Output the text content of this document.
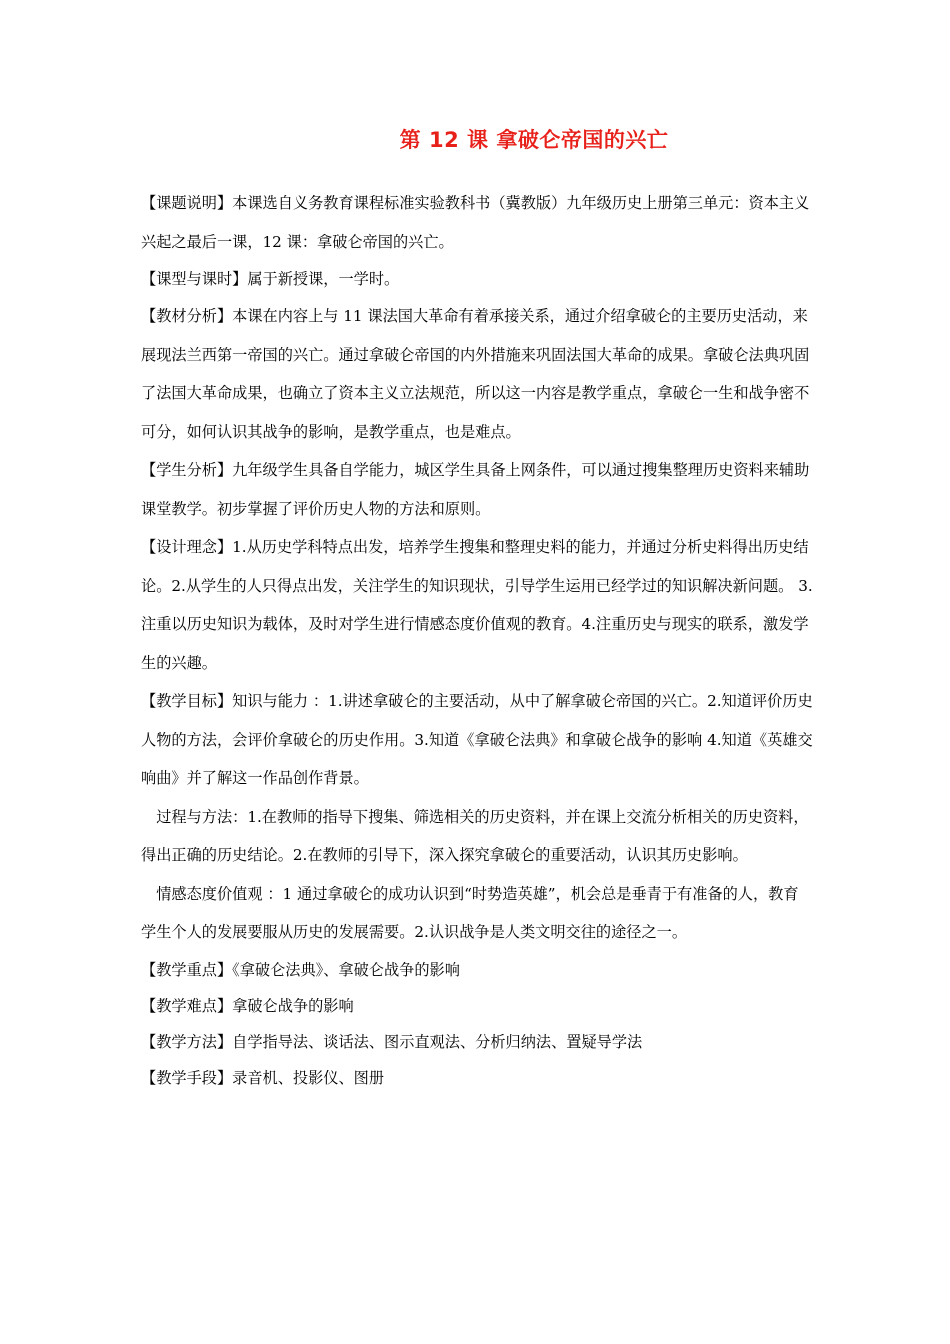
第 12 课 拿破仑帝国的兴亡

【课题说明】本课选自义务教育课程标准实验教科书（冀教版）九年级历史上册第三单元：资本主义兴起之最后一课，12 课：拿破仑帝国的兴亡。

【课型与课时】属于新授课，一学时。

【教材分析】本课在内容上与 11 课法国大革命有着承接关系，通过介绍拿破仑的主要历史活动，来展现法兰西第一帝国的兴亡。通过拿破仑帝国的内外措施来巩固法国大革命的成果。拿破仑法典巩固了法国大革命成果，也确立了资本主义立法规范，所以这一内容是教学重点，拿破仑一生和战争密不可分，如何认识其战争的影响，是教学重点，也是难点。

【学生分析】九年级学生具备自学能力，城区学生具备上网条件，可以通过搜集整理历史资料来辅助课堂教学。初步掌握了评价历史人物的方法和原则。

【设计理念】1.从历史学科特点出发，培养学生搜集和整理史料的能力，并通过分析史料得出历史结论。2.从学生的人只得点出发，关注学生的知识现状，引导学生运用已经学过的知识解决新问题。 3.注重以历史知识为载体，及时对学生进行情感态度价值观的教育。4.注重历史与现实的联系，激发学生的兴趣。

【教学目标】知识与能力 ：1.讲述拿破仑的主要活动，从中了解拿破仑帝国的兴亡。2.知道评价历史人物的方法，会评价拿破仑的历史作用。3.知道《拿破仑法典》和拿破仑战争的影响 4.知道《英雄交响曲》并了解这一作品创作背景。

过程与方法：1.在教师的指导下搜集、筛选相关的历史资料，并在课上交流分析相关的历史资料，得出正确的历史结论。2.在教师的引导下，深入探究拿破仑的重要活动，认识其历史影响。

情感态度价值观 ：1 通过拿破仑的成功认识到“时势造英雄”，机会总是垂青于有准备的人，教育学生个人的发展要服从历史的发展需要。2.认识战争是人类文明交往的途径之一。

【教学重点】《拿破仑法典》、拿破仑战争的影响

【教学难点】拿破仑战争的影响

【教学方法】自学指导法、谈话法、图示直观法、分析归纳法、置疑导学法

【教学手段】录音机、投影仪、图册
